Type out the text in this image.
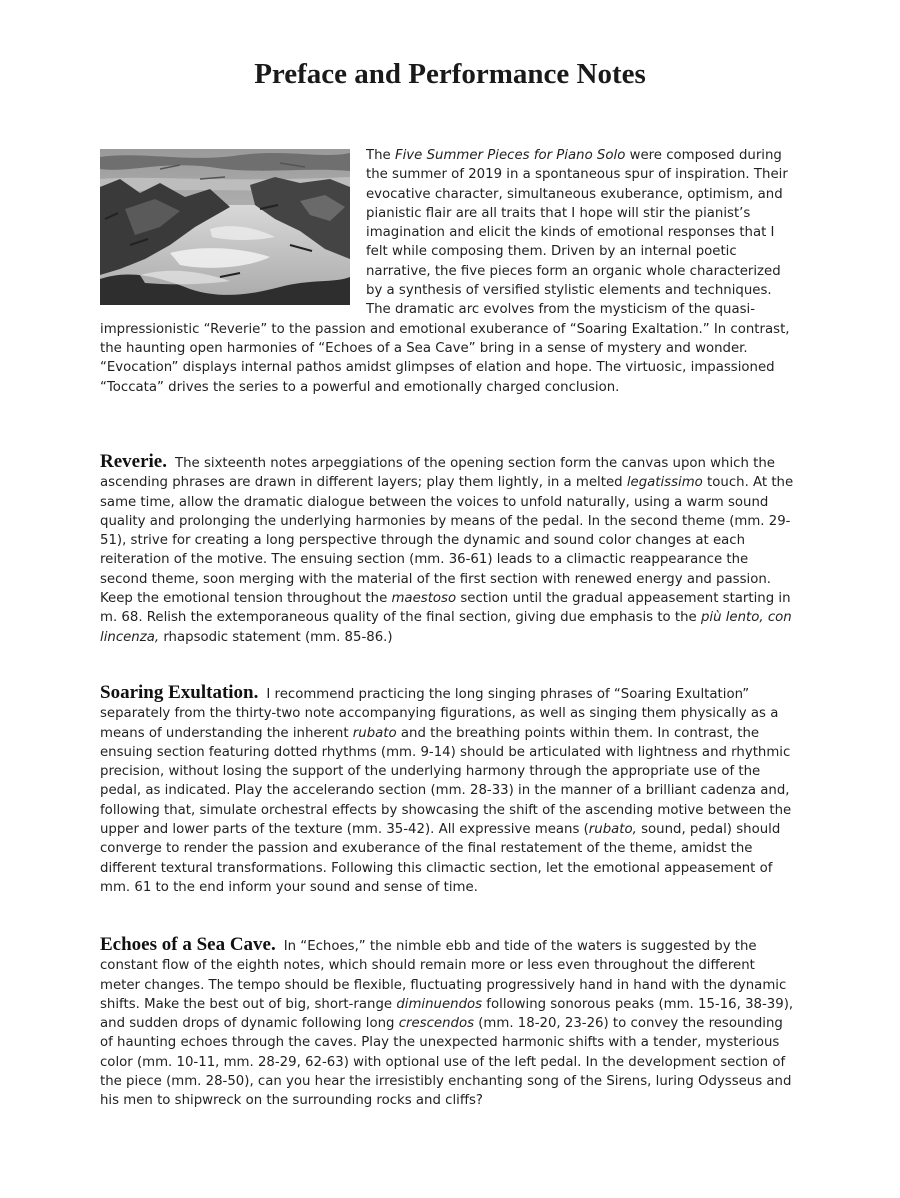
Preface and Performance Notes

The Five Summer Pieces for Piano Solo were composed during the summer of 2019 in a spontaneous spur of inspiration. Their evocative character, simultaneous exuberance, optimism, and pianistic flair are all traits that I hope will stir the pianist’s imagination and elicit the kinds of emotional responses that I felt while composing them. Driven by an internal poetic narrative, the five pieces form an organic whole characterized by a synthesis of versified stylistic elements and techniques. The dramatic arc evolves from the mysticism of the quasi-impressionistic “Reverie” to the passion and emotional exuberance of “Soaring Exaltation.” In contrast, the haunting open harmonies of “Echoes of a Sea Cave” bring in a sense of mystery and wonder. “Evocation” displays internal pathos amidst glimpses of elation and hope. The virtuosic, impassioned “Toccata” drives the series to a powerful and emotionally charged conclusion.

Reverie. The sixteenth notes arpeggiations of the opening section form the canvas upon which the ascending phrases are drawn in different layers; play them lightly, in a melted legatissimo touch. At the same time, allow the dramatic dialogue between the voices to unfold naturally, using a warm sound quality and prolonging the underlying harmonies by means of the pedal. In the second theme (mm. 29-51), strive for creating a long perspective through the dynamic and sound color changes at each reiteration of the motive. The ensuing section (mm. 36-61) leads to a climactic reappearance the second theme, soon merging with the material of the first section with renewed energy and passion. Keep the emotional tension throughout the maestoso section until the gradual appeasement starting in m. 68. Relish the extemporaneous quality of the final section, giving due emphasis to the più lento, con lincenza, rhapsodic statement (mm. 85-86.)

Soaring Exultation. I recommend practicing the long singing phrases of “Soaring Exultation” separately from the thirty-two note accompanying figurations, as well as singing them physically as a means of understanding the inherent rubato and the breathing points within them. In contrast, the ensuing section featuring dotted rhythms (mm. 9-14) should be articulated with lightness and rhythmic precision, without losing the support of the underlying harmony through the appropriate use of the pedal, as indicated. Play the accelerando section (mm. 28-33) in the manner of a brilliant cadenza and, following that, simulate orchestral effects by showcasing the shift of the ascending motive between the upper and lower parts of the texture (mm. 35-42). All expressive means (rubato, sound, pedal) should converge to render the passion and exuberance of the final restatement of the theme, amidst the different textural transformations. Following this climactic section, let the emotional appeasement of mm. 61 to the end inform your sound and sense of time.

Echoes of a Sea Cave. In “Echoes,” the nimble ebb and tide of the waters is suggested by the constant flow of the eighth notes, which should remain more or less even throughout the different meter changes. The tempo should be flexible, fluctuating progressively hand in hand with the dynamic shifts. Make the best out of big, short-range diminuendos following sonorous peaks (mm. 15-16, 38-39), and sudden drops of dynamic following long crescendos (mm. 18-20, 23-26) to convey the resounding of haunting echoes through the caves. Play the unexpected harmonic shifts with a tender, mysterious color (mm. 10-11, mm. 28-29, 62-63) with optional use of the left pedal. In the development section of the piece (mm. 28-50), can you hear the irresistibly enchanting song of the Sirens, luring Odysseus and his men to shipwreck on the surrounding rocks and cliffs?
